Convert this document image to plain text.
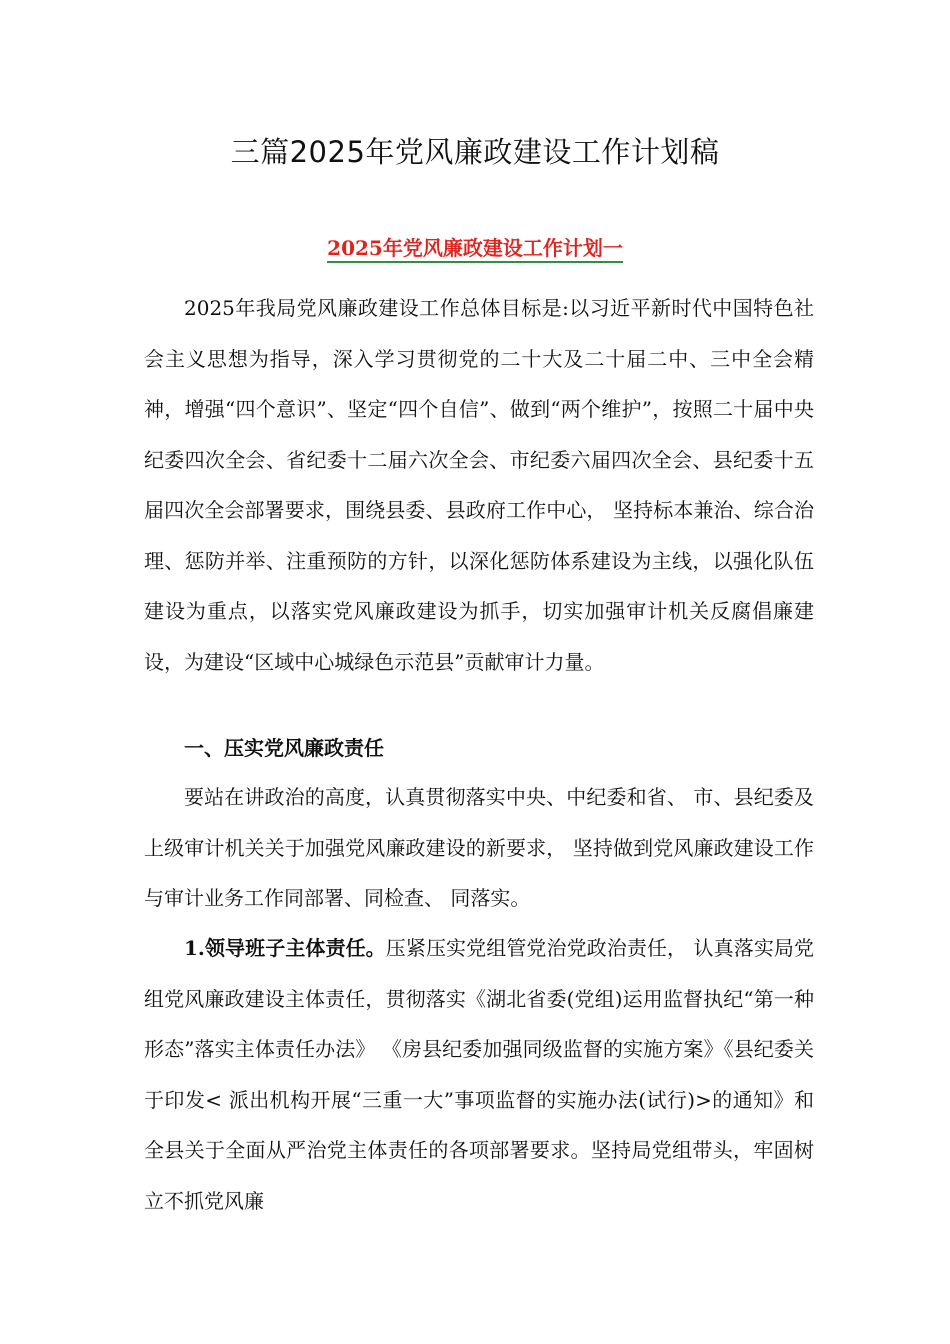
三篇2025年党风廉政建设工作计划稿
2025年党风廉政建设工作计划一

2025年我局党风廉政建设工作总体目标是:以习近平新时代中国特色社会主义思想为指导，深入学习贯彻党的二十大及二十届二中、三中全会精神，增强“四个意识”、坚定“四个自信”、做到“两个维护”，按照二十届中央纪委四次全会、省纪委十二届六次全会、市纪委六届四次全会、县纪委十五届四次全会部署要求，围绕县委、县政府工作中心， 坚持标本兼治、综合治理、惩防并举、注重预防的方针，以深化惩防体系建设为主线，以强化队伍建设为重点，以落实党风廉政建设为抓手，切实加强审计机关反腐倡廉建设，为建设“区域中心城绿色示范县”贡献审计力量。

一、压实党风廉政责任

要站在讲政治的高度，认真贯彻落实中央、中纪委和省、 市、县纪委及上级审计机关关于加强党风廉政建设的新要求， 坚持做到党风廉政建设工作与审计业务工作同部署、同检查、 同落实。

1.领导班子主体责任。压紧压实党组管党治党政治责任， 认真落实局党组党风廉政建设主体责任，贯彻落实《湖北省委(党组)运用监督执纪“第一种形态”落实主体责任办法》 《房县纪委加强同级监督的实施方案》《县纪委关于印发< 派出机构开展“三重一大”事项监督的实施办法(试行)>的通知》和全县关于全面从严治党主体责任的各项部署要求。坚持局党组带头，牢固树立不抓党风廉
